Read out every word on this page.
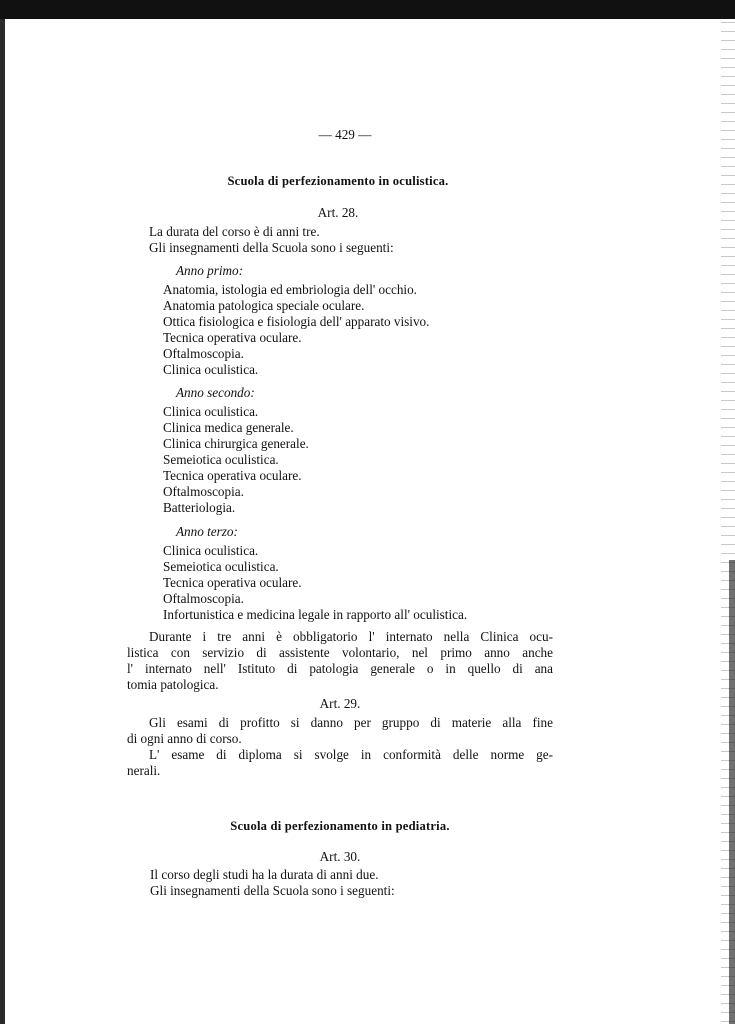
— 429 —
Scuola di perfezionamento in oculistica.
Art. 28.
La durata del corso è di anni tre.
Gli insegnamenti della Scuola sono i seguenti:
Anno primo:
Anatomia, istologia ed embriologia dell' occhio.
Anatomia patologica speciale oculare.
Ottica fisiologica e fisiologia dell' apparato visivo.
Tecnica operativa oculare.
Oftalmoscopia.
Clinica oculistica.
Anno secondo:
Clinica oculistica.
Clinica medica generale.
Clinica chirurgica generale.
Semeiotica oculistica.
Tecnica operativa oculare.
Oftalmoscopia.
Batteriologia.
Anno terzo:
Clinica oculistica.
Semeiotica oculistica.
Tecnica operativa oculare.
Oftalmoscopia.
Infortunistica e medicina legale in rapporto all' oculistica.
Durante i tre anni è obbligatorio l' internato nella Clinica ocu-
listica con servizio di assistente volontario, nel primo anno anche
l' internato nell' Istituto di patologia generale o in quello di ana
tomia patologica.
Art. 29.
Gli esami di profitto si danno per gruppo di materie alla fine
di ogni anno di corso.
L' esame di diploma si svolge in conformità delle norme ge-
nerali.
Scuola di perfezionamento in pediatria.
Art. 30.
Il corso degli studi ha la durata di anni due.
Gli insegnamenti della Scuola sono i seguenti:
